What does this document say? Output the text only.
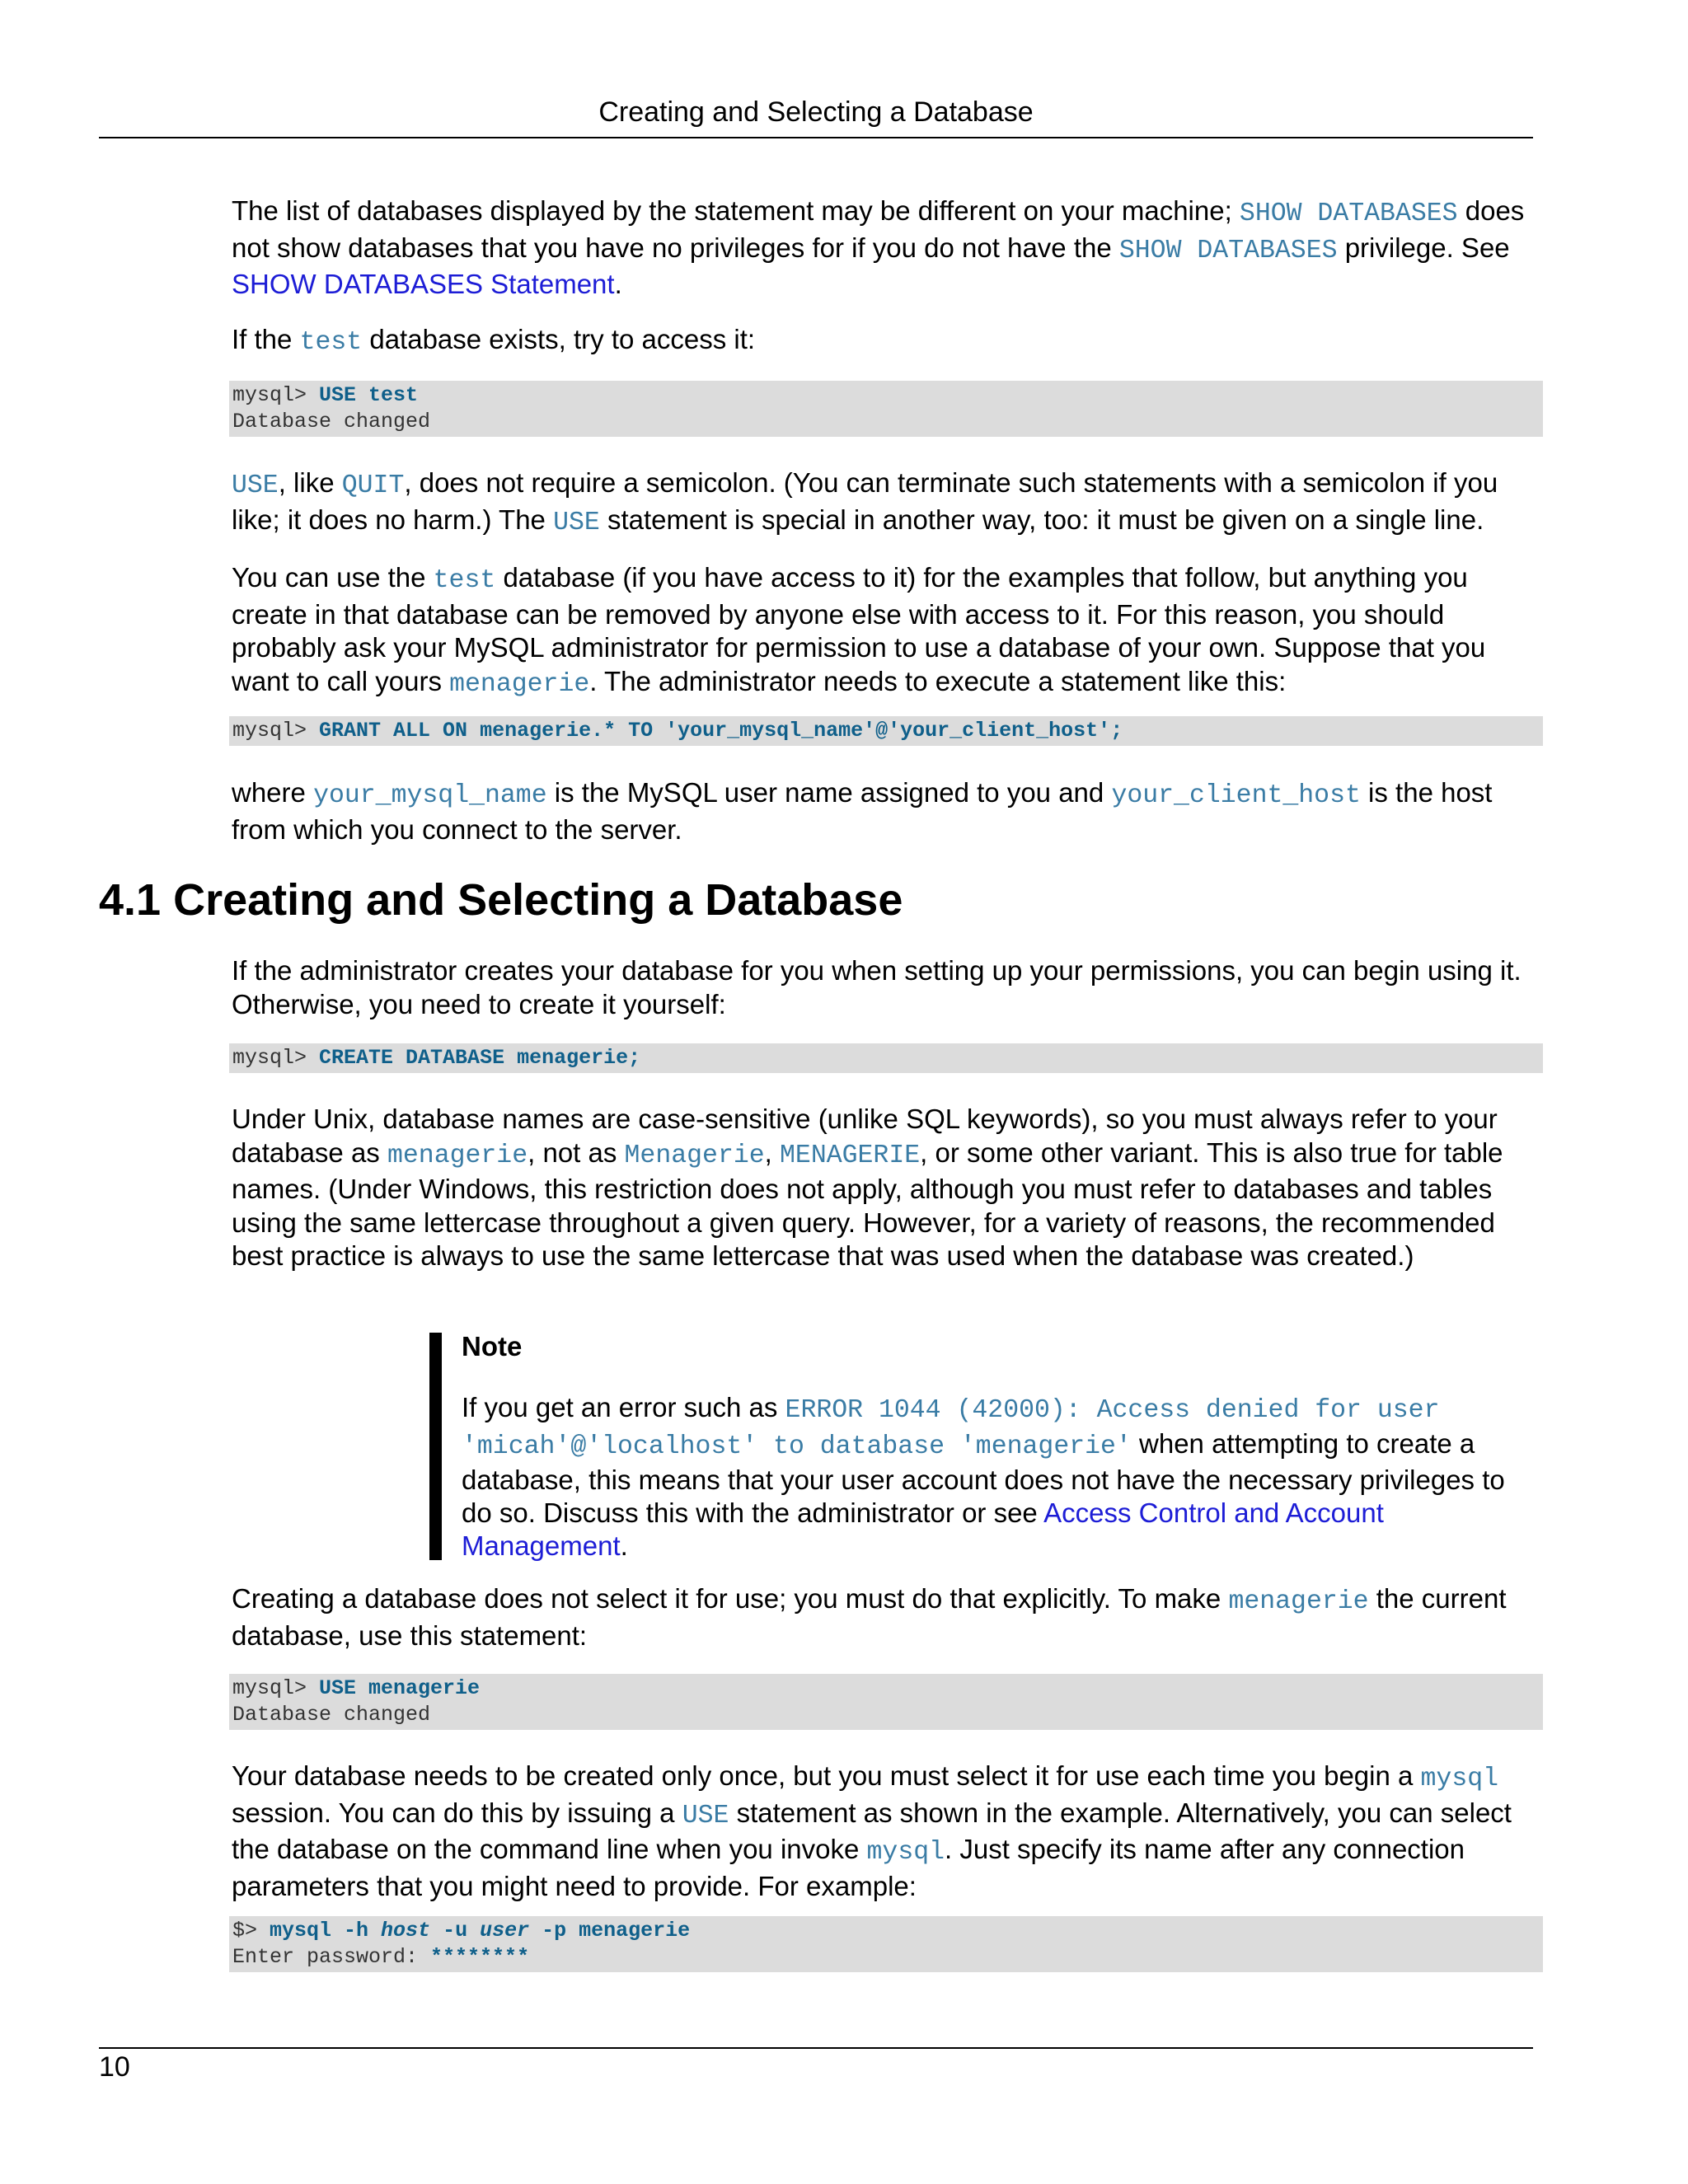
Creating and Selecting a Database
The list of databases displayed by the statement may be different on your machine; SHOW DATABASES does not show databases that you have no privileges for if you do not have the SHOW DATABASES privilege. See SHOW DATABASES Statement.
If the test database exists, try to access it:
mysql> USE test
Database changed
USE, like QUIT, does not require a semicolon. (You can terminate such statements with a semicolon if you like; it does no harm.) The USE statement is special in another way, too: it must be given on a single line.
You can use the test database (if you have access to it) for the examples that follow, but anything you create in that database can be removed by anyone else with access to it. For this reason, you should probably ask your MySQL administrator for permission to use a database of your own. Suppose that you want to call yours menagerie. The administrator needs to execute a statement like this:
mysql> GRANT ALL ON menagerie.* TO 'your_mysql_name'@'your_client_host';
where your_mysql_name is the MySQL user name assigned to you and your_client_host is the host from which you connect to the server.
4.1 Creating and Selecting a Database
If the administrator creates your database for you when setting up your permissions, you can begin using it. Otherwise, you need to create it yourself:
mysql> CREATE DATABASE menagerie;
Under Unix, database names are case-sensitive (unlike SQL keywords), so you must always refer to your database as menagerie, not as Menagerie, MENAGERIE, or some other variant. This is also true for table names. (Under Windows, this restriction does not apply, although you must refer to databases and tables using the same lettercase throughout a given query. However, for a variety of reasons, the recommended best practice is always to use the same lettercase that was used when the database was created.)
Note
If you get an error such as ERROR 1044 (42000): Access denied for user 'micah'@'localhost' to database 'menagerie' when attempting to create a database, this means that your user account does not have the necessary privileges to do so. Discuss this with the administrator or see Access Control and Account Management.
Creating a database does not select it for use; you must do that explicitly. To make menagerie the current database, use this statement:
mysql> USE menagerie
Database changed
Your database needs to be created only once, but you must select it for use each time you begin a mysql session. You can do this by issuing a USE statement as shown in the example. Alternatively, you can select the database on the command line when you invoke mysql. Just specify its name after any connection parameters that you might need to provide. For example:
$> mysql -h host -u user -p menagerie
Enter password: ********
10
